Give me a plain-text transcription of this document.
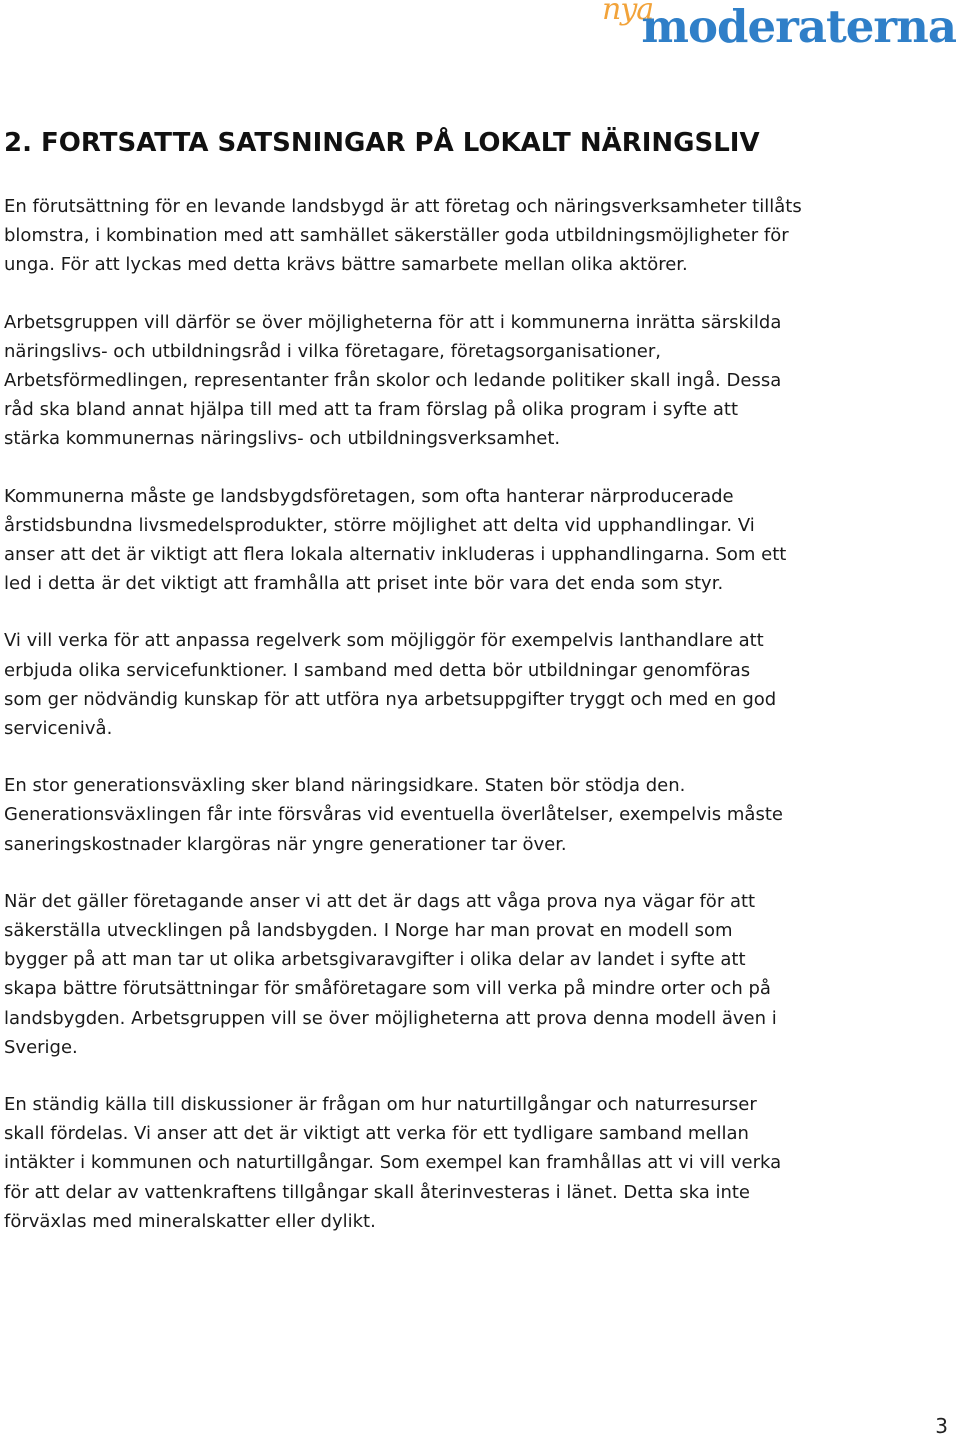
nya
moderaterna
2. FORTSATTA SATSNINGAR PÅ LOKALT NÄRINGSLIV

En förutsättning för en levande landsbygd är att företag och näringsverksamheter tillåts
blomstra, i kombination med att samhället säkerställer goda utbildningsmöjligheter för
unga. För att lyckas med detta krävs bättre samarbete mellan olika aktörer.

Arbetsgruppen vill därför se över möjligheterna för att i kommunerna inrätta särskilda
näringslivs- och utbildningsråd i vilka företagare, företagsorganisationer,
Arbetsförmedlingen, representanter från skolor och ledande politiker skall ingå. Dessa
råd ska bland annat hjälpa till med att ta fram förslag på olika program i syfte att
stärka kommunernas näringslivs- och utbildningsverksamhet.

Kommunerna måste ge landsbygdsföretagen, som ofta hanterar närproducerade
årstidsbundna livsmedelsprodukter, större möjlighet att delta vid upphandlingar. Vi
anser att det är viktigt att flera lokala alternativ inkluderas i upphandlingarna. Som ett
led i detta är det viktigt att framhålla att priset inte bör vara det enda som styr.

Vi vill verka för att anpassa regelverk som möjliggör för exempelvis lanthandlare att
erbjuda olika servicefunktioner. I samband med detta bör utbildningar genomföras
som ger nödvändig kunskap för att utföra nya arbetsuppgifter tryggt och med en god
servicenivå.

En stor generationsväxling sker bland näringsidkare. Staten bör stödja den.
Generationsväxlingen får inte försvåras vid eventuella överlåtelser, exempelvis måste
saneringskostnader klargöras när yngre generationer tar över.

När det gäller företagande anser vi att det är dags att våga prova nya vägar för att
säkerställa utvecklingen på landsbygden. I Norge har man provat en modell som
bygger på att man tar ut olika arbetsgivaravgifter i olika delar av landet i syfte att
skapa bättre förutsättningar för småföretagare som vill verka på mindre orter och på
landsbygden. Arbetsgruppen vill se över möjligheterna att prova denna modell även i
Sverige.

En ständig källa till diskussioner är frågan om hur naturtillgångar och naturresurser
skall fördelas. Vi anser att det är viktigt att verka för ett tydligare samband mellan
intäkter i kommunen och naturtillgångar. Som exempel kan framhållas att vi vill verka
för att delar av vattenkraftens tillgångar skall återinvesteras i länet. Detta ska inte
förväxlas med mineralskatter eller dylikt.

3
